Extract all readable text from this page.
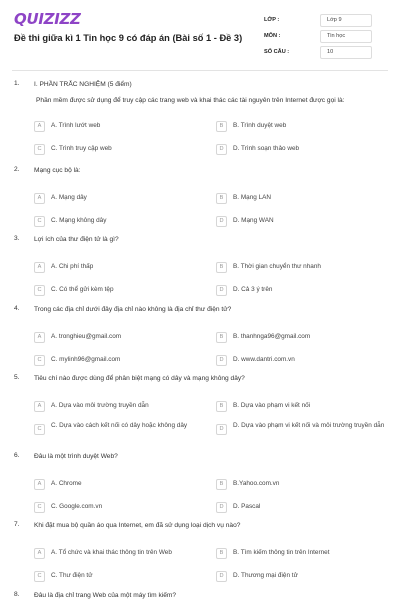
QUIZIZZ
Đề thi giữa kì 1 Tin học 9 có đáp án (Bài số 1 - Đề 3)
LỚP :	Lớp 9
MÔN :	Tin học
SỐ CÂU :	10
1. I. PHẦN TRẮC NGHIỆM (5 điểm)
Phần mềm được sử dụng để truy cập các trang web và khai thác các tài nguyên trên Internet được gọi là:
A	A. Trình lướt web	B	B. Trình duyệt web
C	C. Trình truy cập web	D	D. Trình soạn thảo web
2. Mạng cục bộ là:
A	A. Mạng dây	B	B. Mạng LAN
C	C. Mạng không dây	D	D. Mạng WAN
3. Lợi ích của thư điện tử là gì?
A	A. Chi phí thấp	B	B. Thời gian chuyển thư nhanh
C	C. Có thể gửi kèm tệp	D	D. Cả 3 ý trên
4. Trong các địa chỉ dưới đây địa chỉ nào không là địa chỉ thư điện tử?
A	A. tronghieu@gmail.com	B	B. thanhnga96@gmail.com
C	C. mylinh96@gmail.com	D	D. www.dantri.com.vn
5. Tiêu chí nào được dùng để phân biệt mạng có dây và mạng không dây?
A	A. Dựa vào môi trường truyền dẫn	B	B. Dựa vào phạm vi kết nối
C	C. Dựa vào cách kết nối có dây hoặc không dây	D	D. Dựa vào phạm vi kết nối và môi trường truyền dẫn
6. Đâu là một trình duyệt Web?
A	A. Chrome	B	B.Yahoo.com.vn
C	C. Google.com.vn	D	D. Pascal
7. Khi đặt mua bộ quần áo qua Internet, em đã sử dụng loại dịch vụ nào?
A	A. Tổ chức và khai thác thông tin trên Web	B	B. Tìm kiếm thông tin trên Internet
C	C. Thư điện tử	D	D. Thương mại điện tử
8. Đâu là địa chỉ trang Web của một máy tìm kiếm?
